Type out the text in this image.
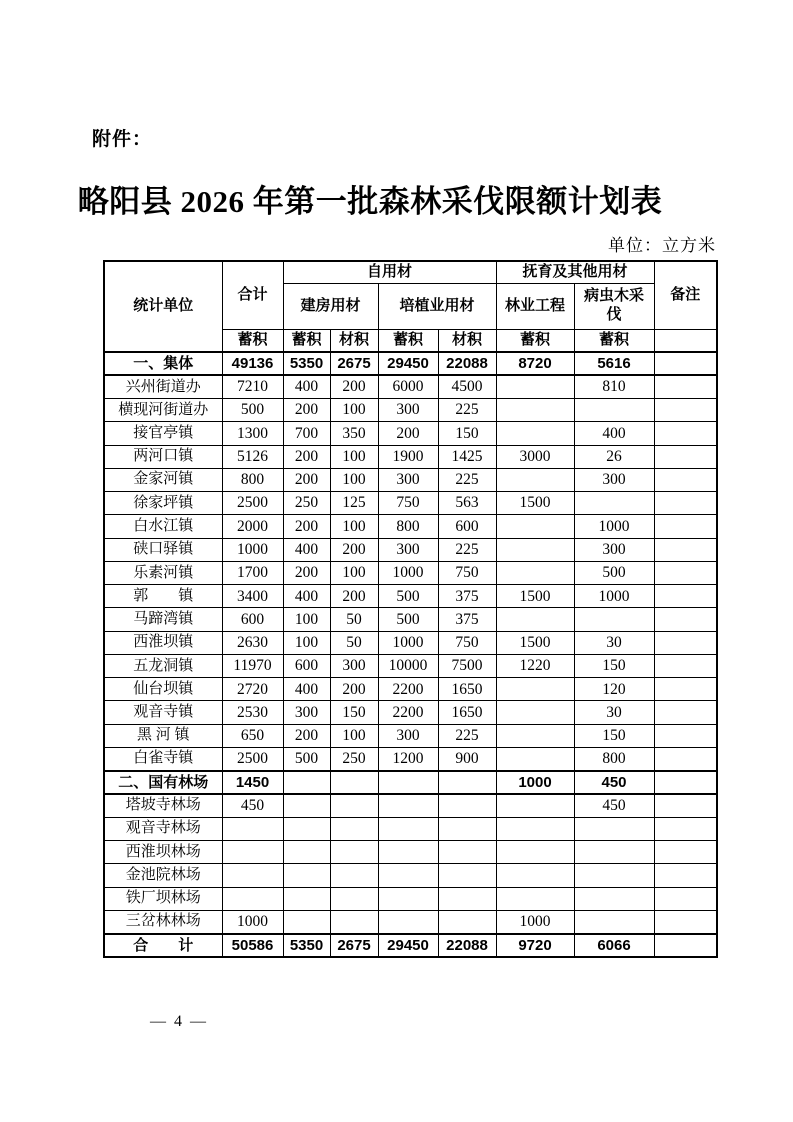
附件：
略阳县 2026 年第一批森林采伐限额计划表
单位：立方米
统计单位	合计	自用材				抚育及其他用材		备注
		建房用材		培植业用材		林业工程	病虫木采伐	
	蓄积	蓄积	材积	蓄积	材积	蓄积	蓄积	
一、集体	49136	5350	2675	29450	22088	8720	5616	
兴州街道办	7210	400	200	6000	4500		810	
横现河街道办	500	200	100	300	225			
接官亭镇	1300	700	350	200	150		400	
两河口镇	5126	200	100	1900	1425	3000	26	
金家河镇	800	200	100	300	225		300	
徐家坪镇	2500	250	125	750	563	1500		
白水江镇	2000	200	100	800	600		1000	
硖口驿镇	1000	400	200	300	225		300	
乐素河镇	1700	200	100	1000	750		500	
郭　　镇	3400	400	200	500	375	1500	1000	
马蹄湾镇	600	100	50	500	375			
西淮坝镇	2630	100	50	1000	750	1500	30	
五龙洞镇	11970	600	300	10000	7500	1220	150	
仙台坝镇	2720	400	200	2200	1650		120	
观音寺镇	2530	300	150	2200	1650		30	
黑 河 镇	650	200	100	300	225		150	
白雀寺镇	2500	500	250	1200	900		800	
二、国有林场	1450					1000	450	
塔坡寺林场	450						450	
观音寺林场								
西淮坝林场								
金池院林场								
铁厂坝林场								
三岔林林场	1000					1000		
合　　计	50586	5350	2675	29450	22088	9720	6066	
— 4 —
